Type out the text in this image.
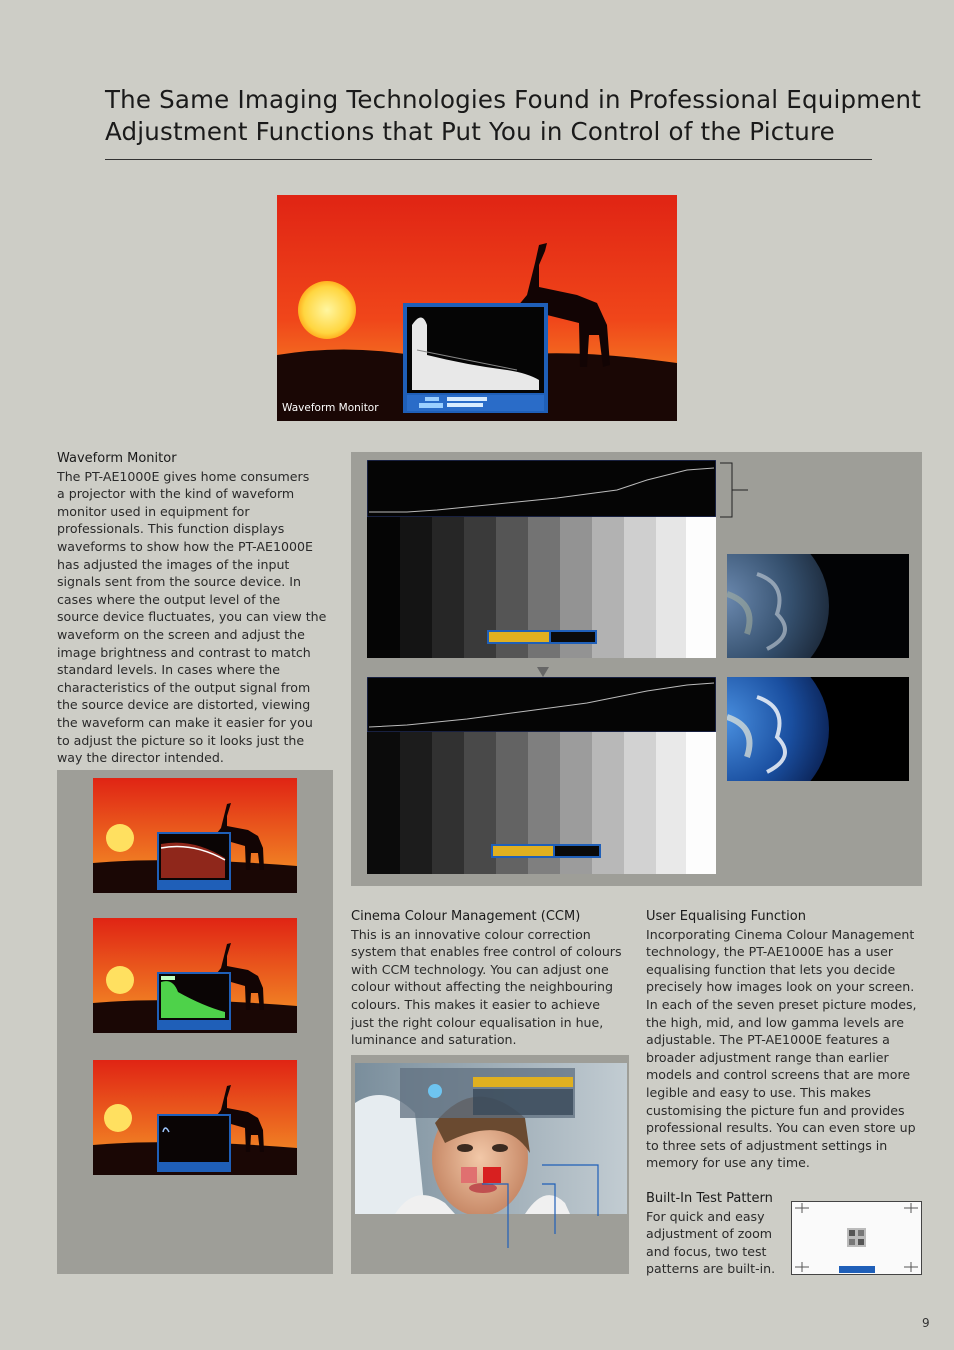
The Same Imaging Technologies Found in Professional Equipment
Adjustment Functions that Put You in Control of the Picture
Waveform Monitor
Waveform Monitor
The PT-AE1000E gives home consumers
a projector with the kind of waveform
monitor used in equipment for
professionals. This function displays
waveforms to show how the PT-AE1000E
has adjusted the images of the input
signals sent from the source device. In
cases where the output level of the
source device fluctuates, you can view the
waveform on the screen and adjust the
image brightness and contrast to match
standard levels. In cases where the
characteristics of the output signal from
the source device are distorted, viewing
the waveform can make it easier for you
to adjust the picture so it looks just the
way the director intended.
Cinema Colour Management (CCM)
This is an innovative colour correction
system that enables free control of colours
with CCM technology. You can adjust one
colour without affecting the neighbouring
colours. This makes it easier to achieve
just the right colour equalisation in hue,
luminance and saturation.
User Equalising Function
Incorporating Cinema Colour Management
technology, the PT-AE1000E has a user
equalising function that lets you decide
precisely how images look on your screen.
In each of the seven preset picture modes,
the high, mid, and low gamma levels are
adjustable. The PT-AE1000E features a
broader adjustment range than earlier
models and control screens that are more
legible and easy to use. This makes
customising the picture fun and provides
professional results. You can even store up
to three sets of adjustment settings in
memory for use any time.
Built-In Test Pattern
For quick and easy
adjustment of zoom
and focus, two test
patterns are built-in.
9
